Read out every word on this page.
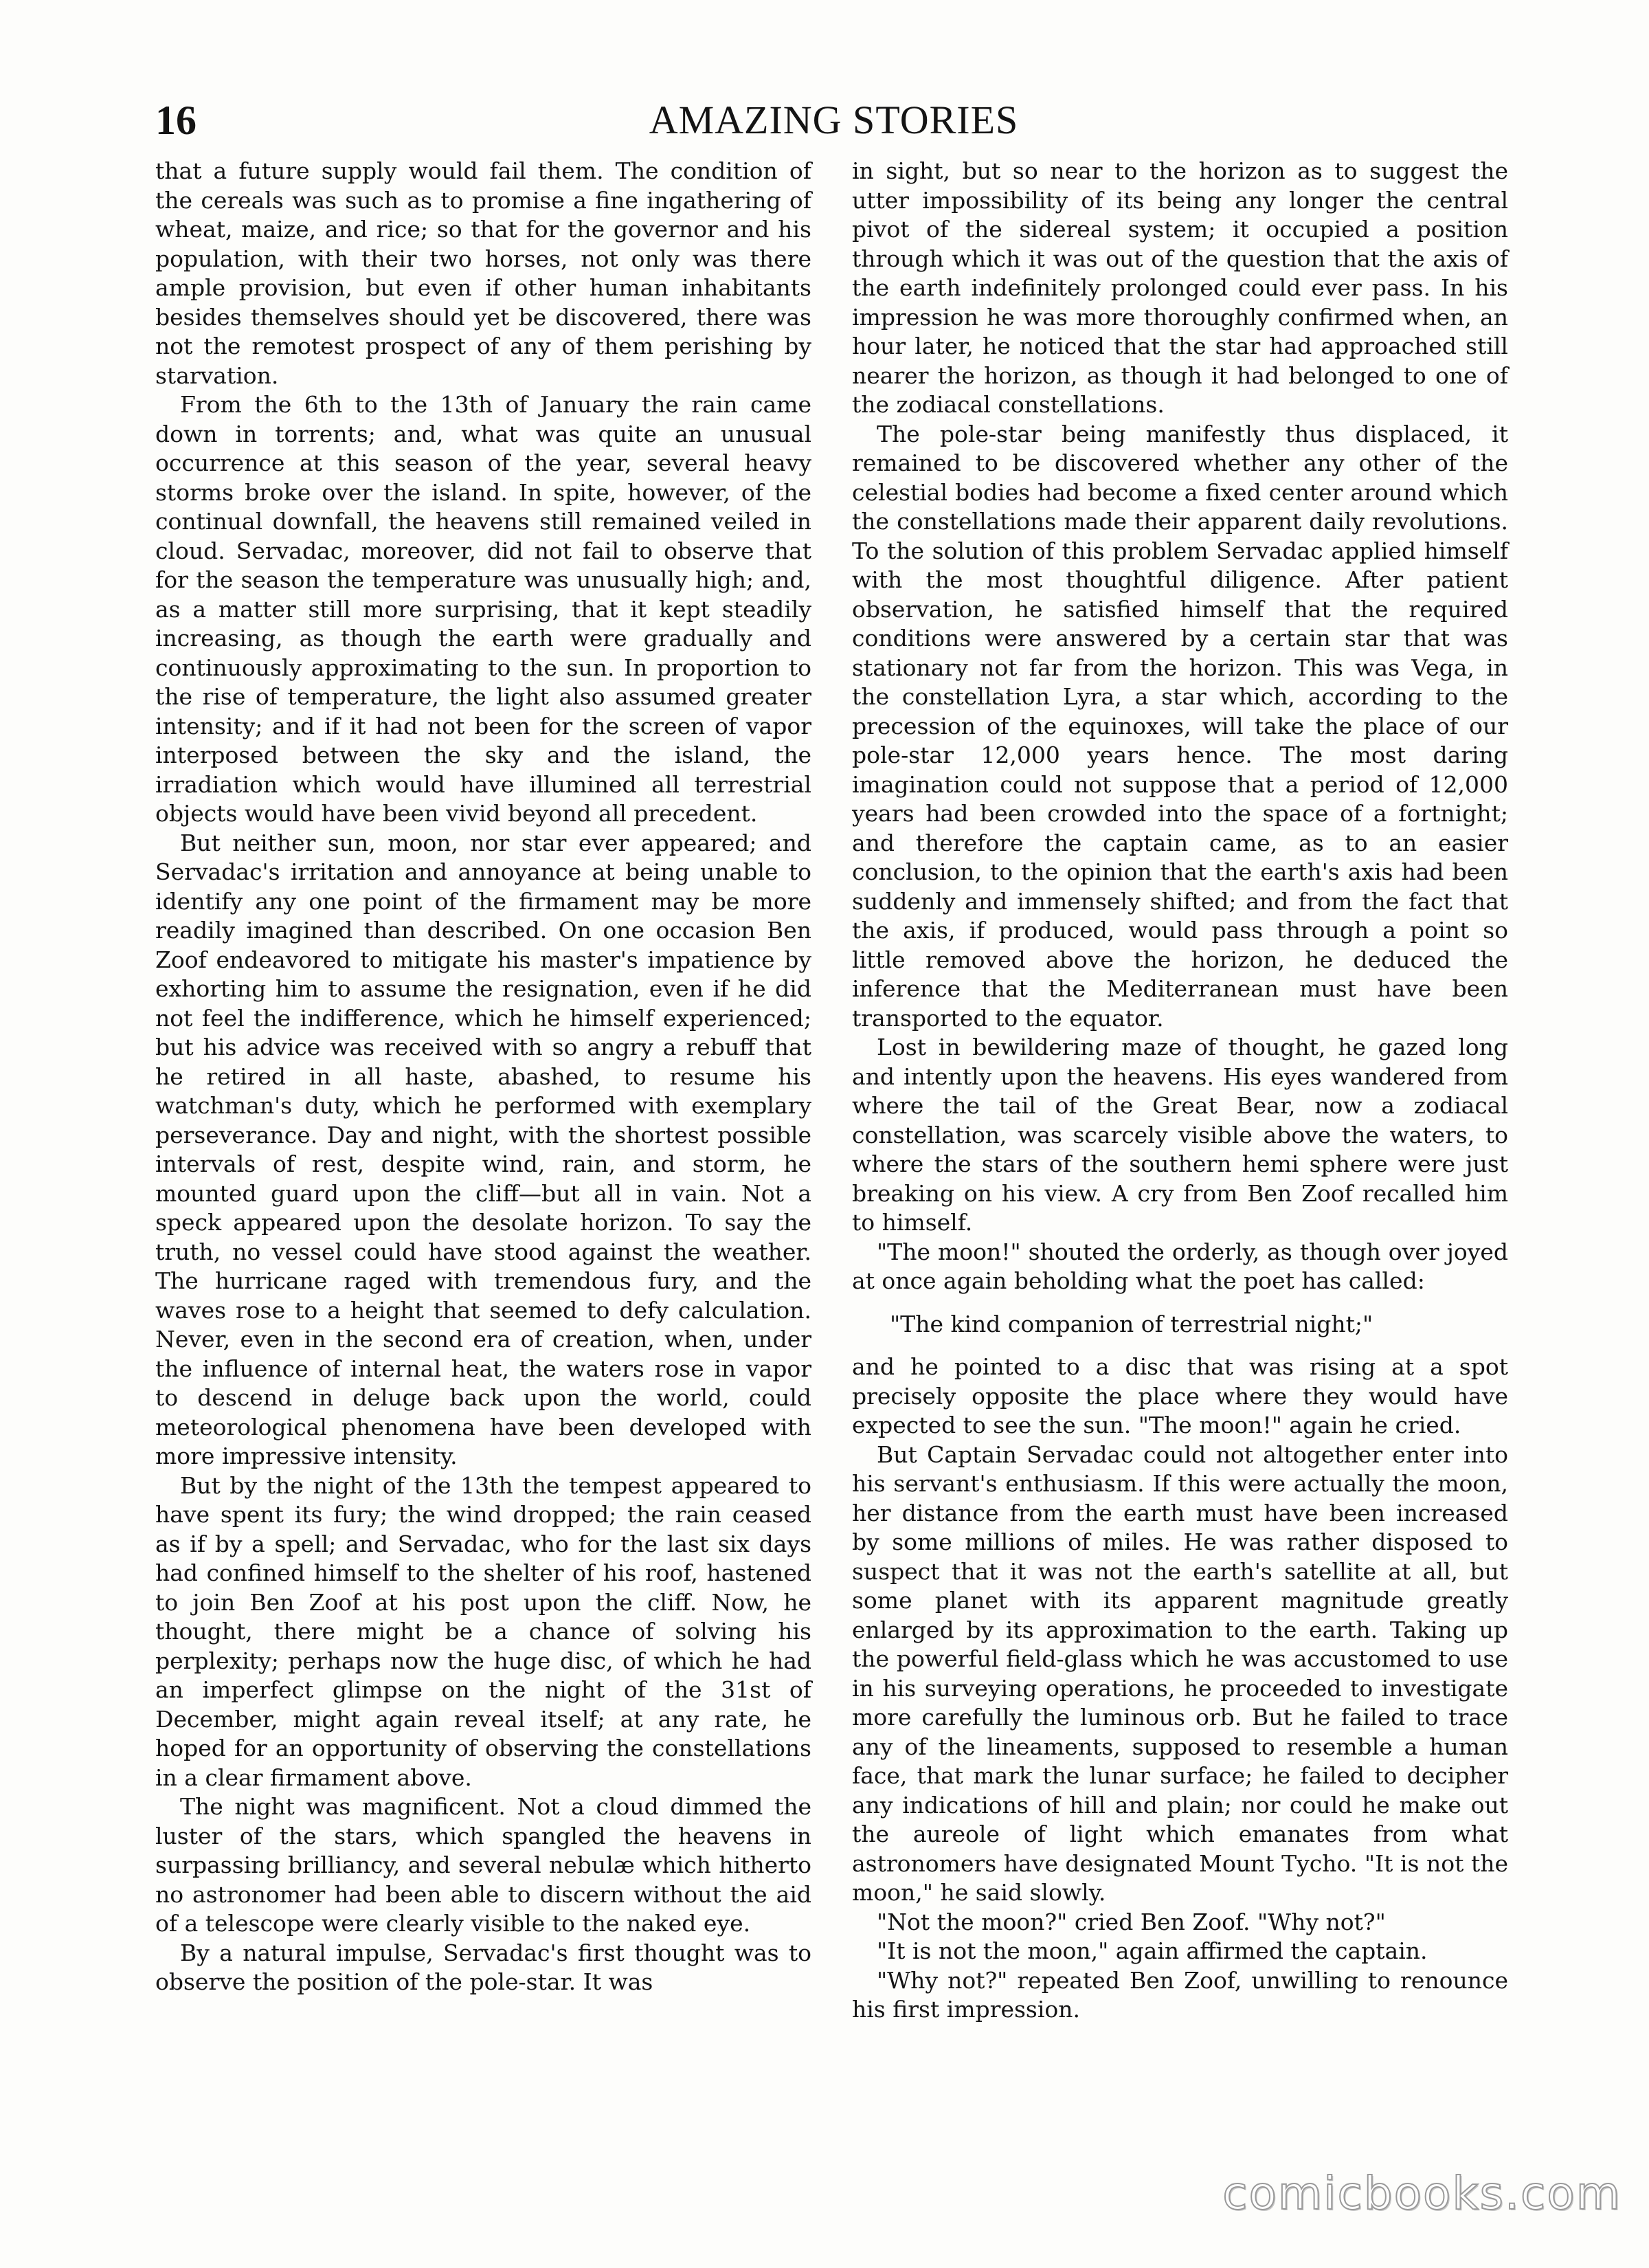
16	AMAZING STORIES

that a future supply would fail them. The condition of the cereals was such as to promise a fine ingathering of wheat, maize, and rice; so that for the governor and his population, with their two horses, not only was there ample provision, but even if other human inhabitants besides themselves should yet be discovered, there was not the remotest prospect of any of them perishing by starvation.

From the 6th to the 13th of January the rain came down in torrents; and, what was quite an unusual occurrence at this season of the year, several heavy storms broke over the island. In spite, however, of the continual downfall, the heavens still remained veiled in cloud. Servadac, moreover, did not fail to observe that for the season the temperature was unusually high; and, as a matter still more surprising, that it kept steadily increasing, as though the earth were gradually and continuously approximating to the sun. In proportion to the rise of temperature, the light also assumed greater intensity; and if it had not been for the screen of vapor interposed between the sky and the island, the irradiation which would have illumined all terrestrial objects would have been vivid beyond all precedent.

But neither sun, moon, nor star ever appeared; and Servadac's irritation and annoyance at being unable to identify any one point of the firmament may be more readily imagined than described. On one occasion Ben Zoof endeavored to mitigate his master's impatience by exhorting him to assume the resignation, even if he did not feel the indifference, which he himself experienced; but his advice was received with so angry a rebuff that he retired in all haste, abashed, to resume his watchman's duty, which he performed with exemplary perseverance. Day and night, with the shortest possible intervals of rest, despite wind, rain, and storm, he mounted guard upon the cliff—but all in vain. Not a speck appeared upon the desolate horizon. To say the truth, no vessel could have stood against the weather. The hurricane raged with tremendous fury, and the waves rose to a height that seemed to defy calculation. Never, even in the second era of creation, when, under the influence of internal heat, the waters rose in vapor to descend in deluge back upon the world, could meteorological phenomena have been developed with more impressive intensity.

But by the night of the 13th the tempest appeared to have spent its fury; the wind dropped; the rain ceased as if by a spell; and Servadac, who for the last six days had confined himself to the shelter of his roof, hastened to join Ben Zoof at his post upon the cliff. Now, he thought, there might be a chance of solving his perplexity; perhaps now the huge disc, of which he had an imperfect glimpse on the night of the 31st of December, might again reveal itself; at any rate, he hoped for an opportunity of observing the constellations in a clear firmament above.

The night was magnificent. Not a cloud dimmed the luster of the stars, which spangled the heavens in surpassing brilliancy, and several nebulæ which hitherto no astronomer had been able to discern without the aid of a telescope were clearly visible to the naked eye.

By a natural impulse, Servadac's first thought was to observe the position of the pole-star. It was

in sight, but so near to the horizon as to suggest the utter impossibility of its being any longer the central pivot of the sidereal system; it occupied a position through which it was out of the question that the axis of the earth indefinitely prolonged could ever pass. In his impression he was more thoroughly confirmed when, an hour later, he noticed that the star had approached still nearer the horizon, as though it had belonged to one of the zodiacal constellations.

The pole-star being manifestly thus displaced, it remained to be discovered whether any other of the celestial bodies had become a fixed center around which the constellations made their apparent daily revolutions. To the solution of this problem Servadac applied himself with the most thoughtful diligence. After patient observation, he satisfied himself that the required conditions were answered by a certain star that was stationary not far from the horizon. This was Vega, in the constellation Lyra, a star which, according to the precession of the equinoxes, will take the place of our pole-star 12,000 years hence. The most daring imagination could not suppose that a period of 12,000 years had been crowded into the space of a fortnight; and therefore the captain came, as to an easier conclusion, to the opinion that the earth's axis had been suddenly and immensely shifted; and from the fact that the axis, if produced, would pass through a point so little removed above the horizon, he deduced the inference that the Mediterranean must have been transported to the equator.

Lost in bewildering maze of thought, he gazed long and intently upon the heavens. His eyes wandered from where the tail of the Great Bear, now a zodiacal constellation, was scarcely visible above the waters, to where the stars of the southern hemi sphere were just breaking on his view. A cry from Ben Zoof recalled him to himself.

"The moon!" shouted the orderly, as though over joyed at once again beholding what the poet has called:

"The kind companion of terrestrial night;"

and he pointed to a disc that was rising at a spot precisely opposite the place where they would have expected to see the sun. "The moon!" again he cried.

But Captain Servadac could not altogether enter into his servant's enthusiasm. If this were actually the moon, her distance from the earth must have been increased by some millions of miles. He was rather disposed to suspect that it was not the earth's satellite at all, but some planet with its apparent magnitude greatly enlarged by its approximation to the earth. Taking up the powerful field-glass which he was accustomed to use in his surveying operations, he proceeded to investigate more carefully the luminous orb. But he failed to trace any of the lineaments, supposed to resemble a human face, that mark the lunar surface; he failed to decipher any indications of hill and plain; nor could he make out the aureole of light which emanates from what astronomers have designated Mount Tycho. "It is not the moon," he said slowly.

"Not the moon?" cried Ben Zoof. "Why not?"

"It is not the moon," again affirmed the captain.

"Why not?" repeated Ben Zoof, unwilling to renounce his first impression.

comicbooks.com
